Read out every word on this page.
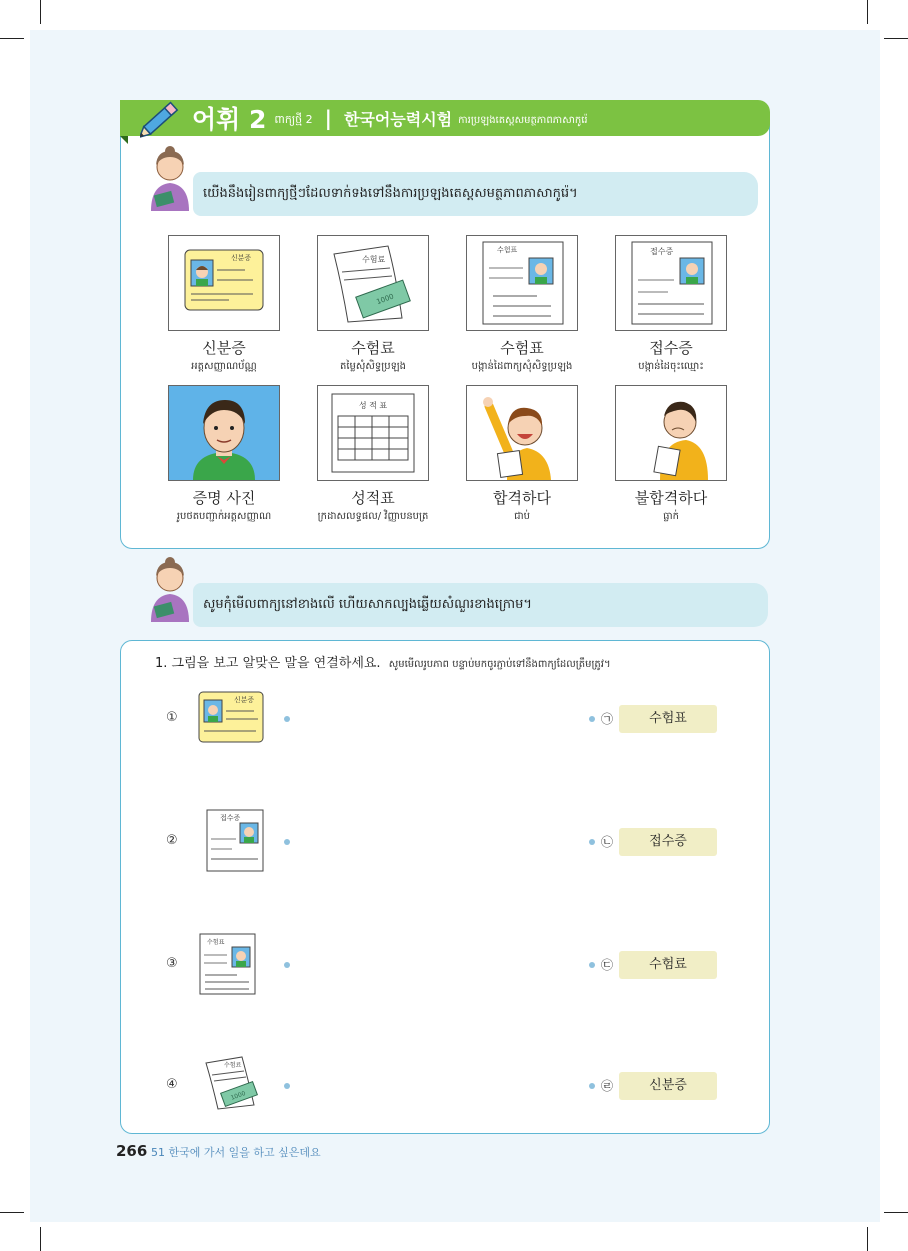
어휘 2 ពាក្យថ្មី 2 | 한국어능력시험 ការប្រឡងតេស្តសមត្ថភាពភាសាកូរ៉េ
យើងនឹងរៀនពាក្យថ្មីៗដែលទាក់ទងទៅនឹងការប្រឡងតេស្តសមត្ថភាពភាសាកូរ៉េ។
신분증
신분증
អត្តសញ្ញាណប័ណ្ណ
수험료
1000
수험료
តម្លៃសុំសិទ្ធប្រឡង
수험표
수험표
បង្កាន់ដៃពាក្យសុំសិទ្ធប្រឡង
접수증
접수증
បង្កាន់ដៃចុះឈ្មោះ
증명 사진
រូបថតបញ្ជាក់អត្តសញ្ញាណ
성 적 표
성적표
ក្រដាសលទ្ធផល/ វិញ្ញាបនបត្រ
합격하다
ជាប់
불합격하다
ធ្លាក់
សូមកុំមើលពាក្យនៅខាងលើ ហើយសាកល្បងឆ្លើយសំណួរខាងក្រោម។
1. 그림을 보고 알맞은 말을 연결하세요. សូមមើលរូបភាព បន្ទាប់មកចូរភ្ជាប់ទៅនឹងពាក្យដែលត្រឹមត្រូវ។
①
신분증
㉠	수험표
②
접수증
㉡	접수증
③
수험표
㉢	수험료
④
수험료
1000
㉣	신분증
266 51 한국에 가서 일을 하고 싶은데요
